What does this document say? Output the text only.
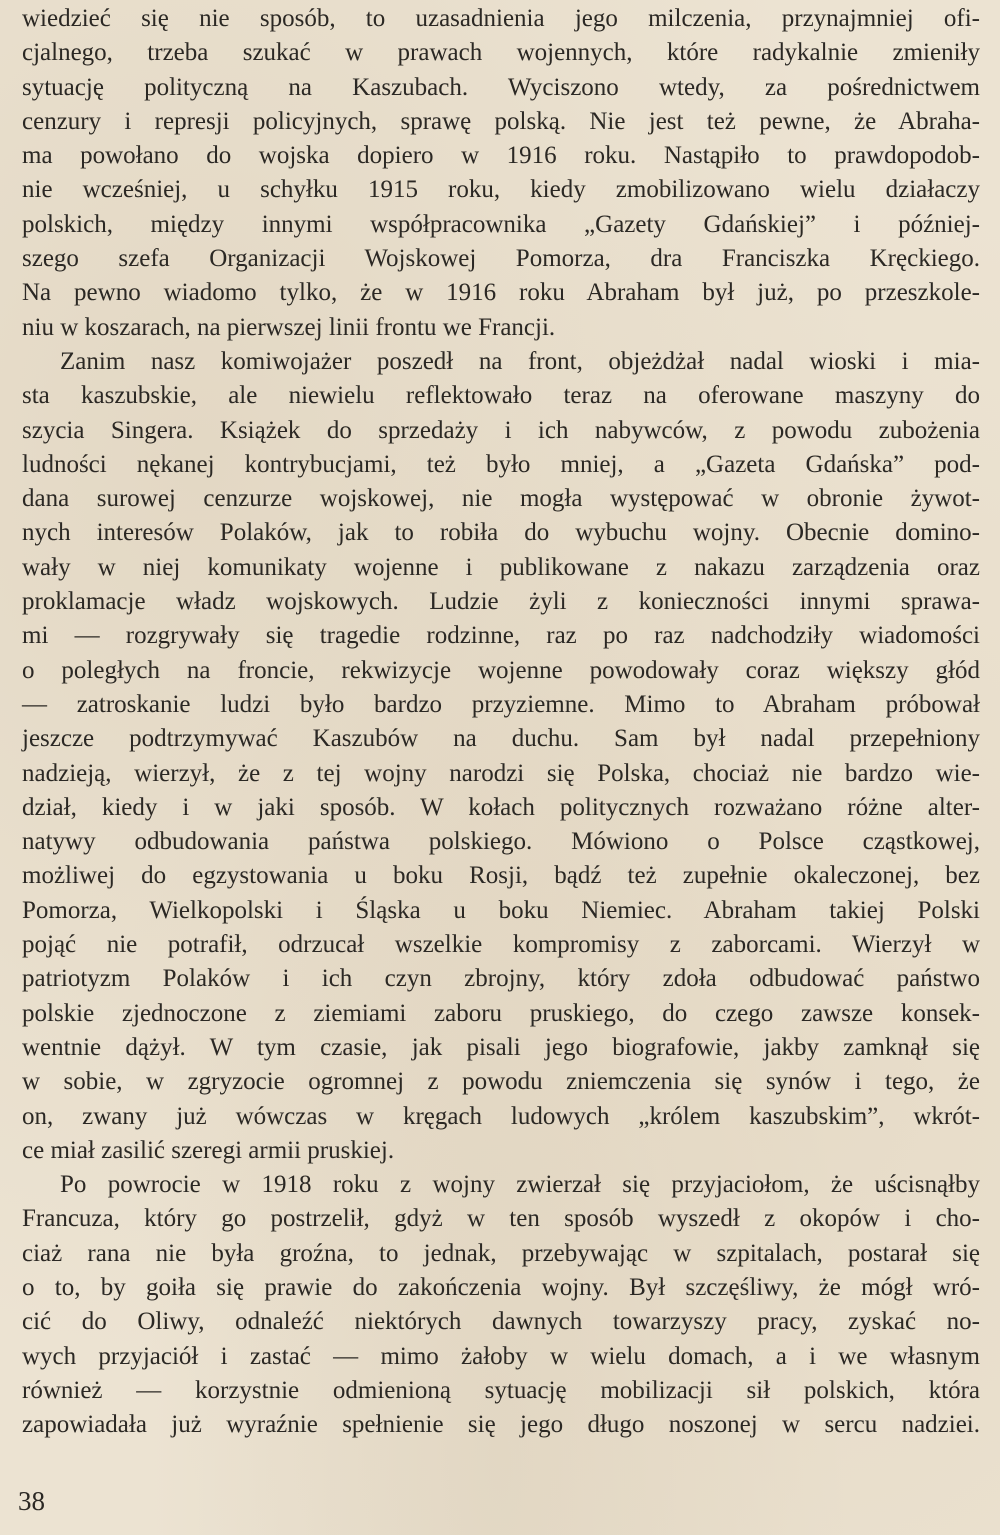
wiedzieć się nie sposób, to uzasadnienia jego milczenia, przynajmniej ofi-
cjalnego, trzeba szukać w prawach wojennych, które radykalnie zmieniły
sytuację polityczną na Kaszubach. Wyciszono wtedy, za pośrednictwem
cenzury i represji policyjnych, sprawę polską. Nie jest też pewne, że Abraha-
ma powołano do wojska dopiero w 1916 roku. Nastąpiło to prawdopodob-
nie wcześniej, u schyłku 1915 roku, kiedy zmobilizowano wielu działaczy
polskich, między innymi współpracownika „Gazety Gdańskiej” i później-
szego szefa Organizacji Wojskowej Pomorza, dra Franciszka Kręckiego.
Na pewno wiadomo tylko, że w 1916 roku Abraham był już, po przeszkole-
niu w koszarach, na pierwszej linii frontu we Francji.
Zanim nasz komiwojażer poszedł na front, objeżdżał nadal wioski i mia-
sta kaszubskie, ale niewielu reflektowało teraz na oferowane maszyny do
szycia Singera. Książek do sprzedaży i ich nabywców, z powodu zubożenia
ludności nękanej kontrybucjami, też było mniej, a „Gazeta Gdańska” pod-
dana surowej cenzurze wojskowej, nie mogła występować w obronie żywot-
nych interesów Polaków, jak to robiła do wybuchu wojny. Obecnie domino-
wały w niej komunikaty wojenne i publikowane z nakazu zarządzenia oraz
proklamacje władz wojskowych. Ludzie żyli z konieczności innymi sprawa-
mi — rozgrywały się tragedie rodzinne, raz po raz nadchodziły wiadomości
o poległych na froncie, rekwizycje wojenne powodowały coraz większy głód
— zatroskanie ludzi było bardzo przyziemne. Mimo to Abraham próbował
jeszcze podtrzymywać Kaszubów na duchu. Sam był nadal przepełniony
nadzieją, wierzył, że z tej wojny narodzi się Polska, chociaż nie bardzo wie-
dział, kiedy i w jaki sposób. W kołach politycznych rozważano różne alter-
natywy odbudowania państwa polskiego. Mówiono o Polsce cząstkowej,
możliwej do egzystowania u boku Rosji, bądź też zupełnie okaleczonej, bez
Pomorza, Wielkopolski i Śląska u boku Niemiec. Abraham takiej Polski
pojąć nie potrafił, odrzucał wszelkie kompromisy z zaborcami. Wierzył w
patriotyzm Polaków i ich czyn zbrojny, który zdoła odbudować państwo
polskie zjednoczone z ziemiami zaboru pruskiego, do czego zawsze konsek-
wentnie dążył. W tym czasie, jak pisali jego biografowie, jakby zamknął się
w sobie, w zgryzocie ogromnej z powodu zniemczenia się synów i tego, że
on, zwany już wówczas w kręgach ludowych „królem kaszubskim”, wkrót-
ce miał zasilić szeregi armii pruskiej.
Po powrocie w 1918 roku z wojny zwierzał się przyjaciołom, że uścisnąłby
Francuza, który go postrzelił, gdyż w ten sposób wyszedł z okopów i cho-
ciaż rana nie była groźna, to jednak, przebywając w szpitalach, postarał się
o to, by goiła się prawie do zakończenia wojny. Był szczęśliwy, że mógł wró-
cić do Oliwy, odnaleźć niektórych dawnych towarzyszy pracy, zyskać no-
wych przyjaciół i zastać — mimo żałoby w wielu domach, a i we własnym
również — korzystnie odmienioną sytuację mobilizacji sił polskich, która
zapowiadała już wyraźnie spełnienie się jego długo noszonej w sercu nadziei.
38
